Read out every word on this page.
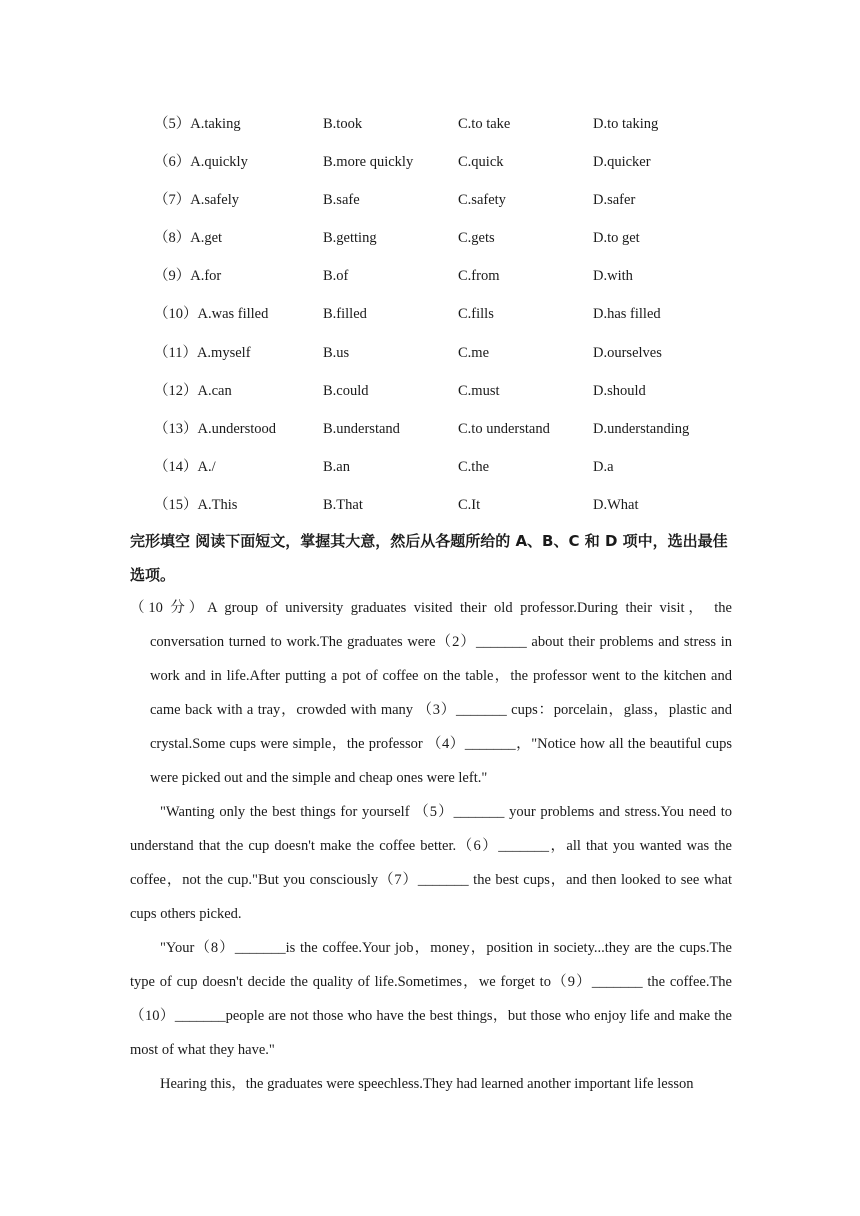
（5）A.taking	B.took	C.to take	D.to taking
（6）A.quickly	B.more quickly	C.quick	D.quicker
（7）A.safely	B.safe	C.safety	D.safer
（8）A.get	B.getting	C.gets	D.to get
（9）A.for	B.of	C.from	D.with
（10）A.was filled	B.filled	C.fills	D.has filled
（11）A.myself	B.us	C.me	D.ourselves
（12）A.can	B.could	C.must	D.should
（13）A.understood	B.understand	C.to understand	D.understanding
（14）A./	B.an	C.the	D.a
（15）A.This	B.That	C.It	D.What
完形填空 阅读下面短文，掌握其大意，然后从各题所给的 A、B、C 和 D 项中，选出最佳选项。

（10 分）A group of university graduates visited their old professor.During their visit， the conversation turned to work.The graduates were（2）_______ about their problems and stress in work and in life.After putting a pot of coffee on the table，the professor went to the kitchen and came back with a tray，crowded with many （3）_______ cups：porcelain，glass，plastic and crystal.Some cups were simple，the professor （4）_______，"Notice how all the beautiful cups were picked out and the simple and cheap ones were left."

"Wanting only the best things for yourself （5）_______ your problems and stress.You need to understand that the cup doesn't make the coffee better.（6）_______，all that you wanted was the coffee，not the cup."But you consciously（7）_______ the best cups，and then looked to see what cups others picked.

"Your（8）_______is the coffee.Your job，money，position in society...they are the cups.The type of cup doesn't decide the quality of life.Sometimes，we forget to（9）_______ the coffee.The（10）_______people are not those who have the best things，but those who enjoy life and make the most of what they have."

Hearing this，the graduates were speechless.They had learned another important life lesson
